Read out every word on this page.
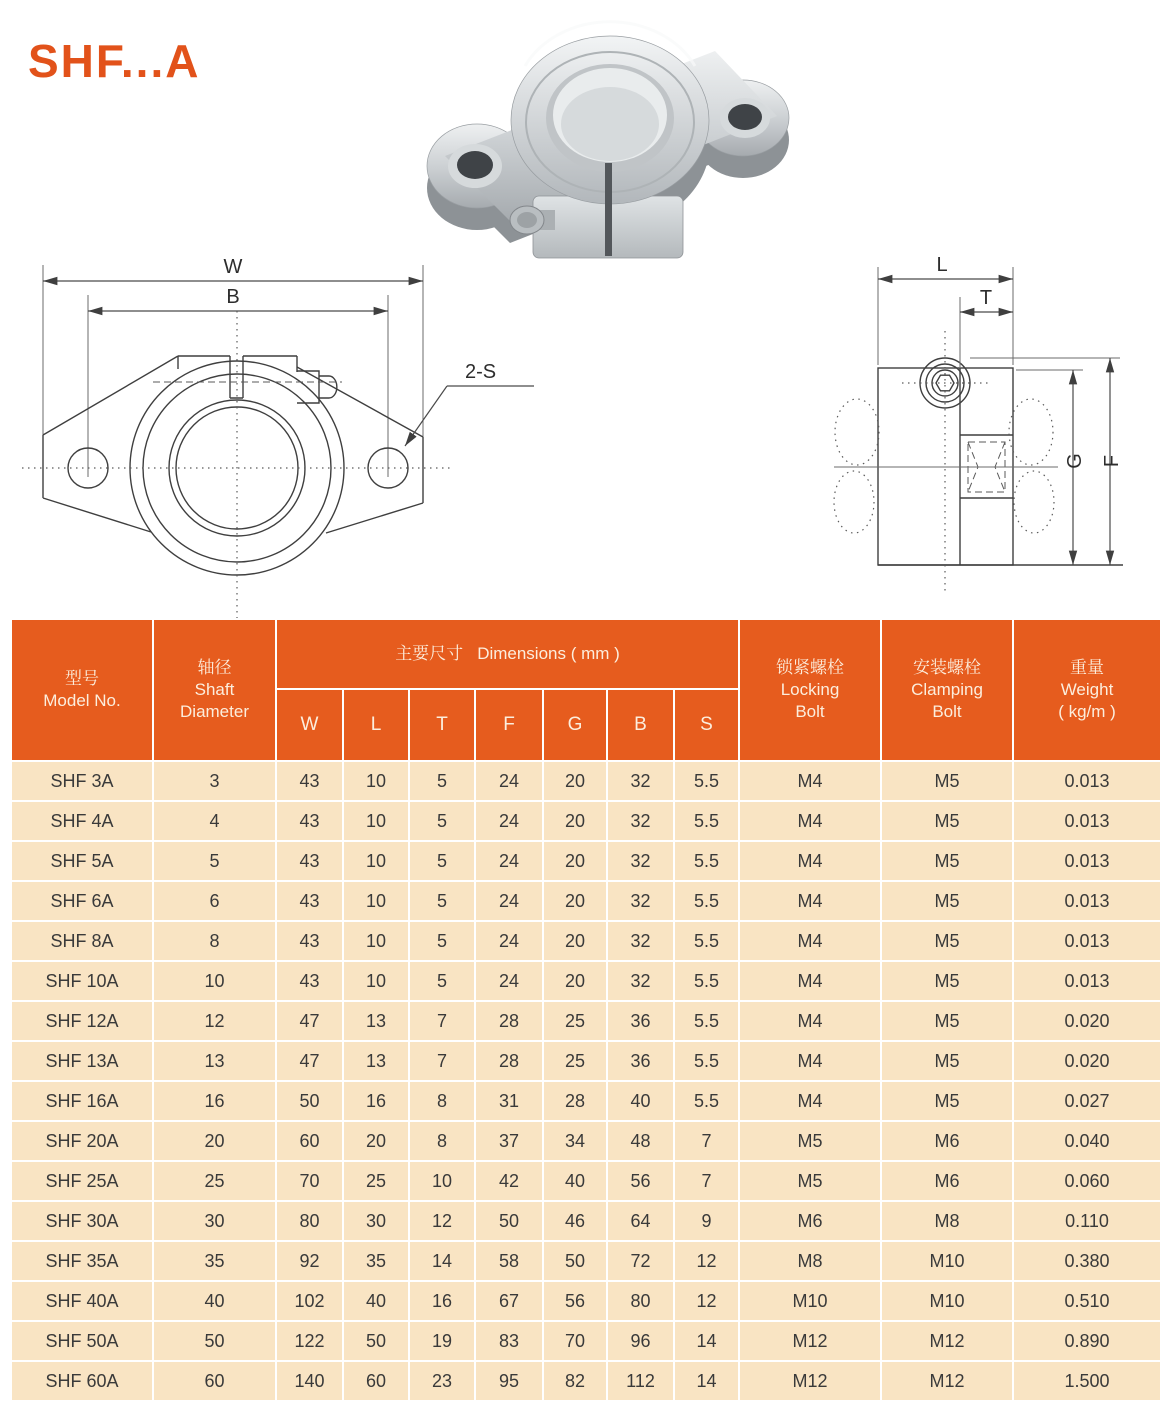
SHF...A
W
B
2-S
L
T
G F
型号
Model No.	轴径
Shaft
Diameter	主要尺寸 Dimensions ( mm )							锁紧螺栓
Locking
Bolt	安装螺栓
Clamping
Bolt	重量
Weight
( kg/m )

		W	L	T	F	G	B	S			
SHF 3A	3	43	10	5	24	20	32	5.5	M4	M5	0.013
SHF 4A	4	43	10	5	24	20	32	5.5	M4	M5	0.013
SHF 5A	5	43	10	5	24	20	32	5.5	M4	M5	0.013
SHF 6A	6	43	10	5	24	20	32	5.5	M4	M5	0.013
SHF 8A	8	43	10	5	24	20	32	5.5	M4	M5	0.013
SHF 10A	10	43	10	5	24	20	32	5.5	M4	M5	0.013
SHF 12A	12	47	13	7	28	25	36	5.5	M4	M5	0.020
SHF 13A	13	47	13	7	28	25	36	5.5	M4	M5	0.020
SHF 16A	16	50	16	8	31	28	40	5.5	M4	M5	0.027
SHF 20A	20	60	20	8	37	34	48	7	M5	M6	0.040
SHF 25A	25	70	25	10	42	40	56	7	M5	M6	0.060
SHF 30A	30	80	30	12	50	46	64	9	M6	M8	0.110
SHF 35A	35	92	35	14	58	50	72	12	M8	M10	0.380
SHF 40A	40	102	40	16	67	56	80	12	M10	M10	0.510
SHF 50A	50	122	50	19	83	70	96	14	M12	M12	0.890
SHF 60A	60	140	60	23	95	82	112	14	M12	M12	1.500
